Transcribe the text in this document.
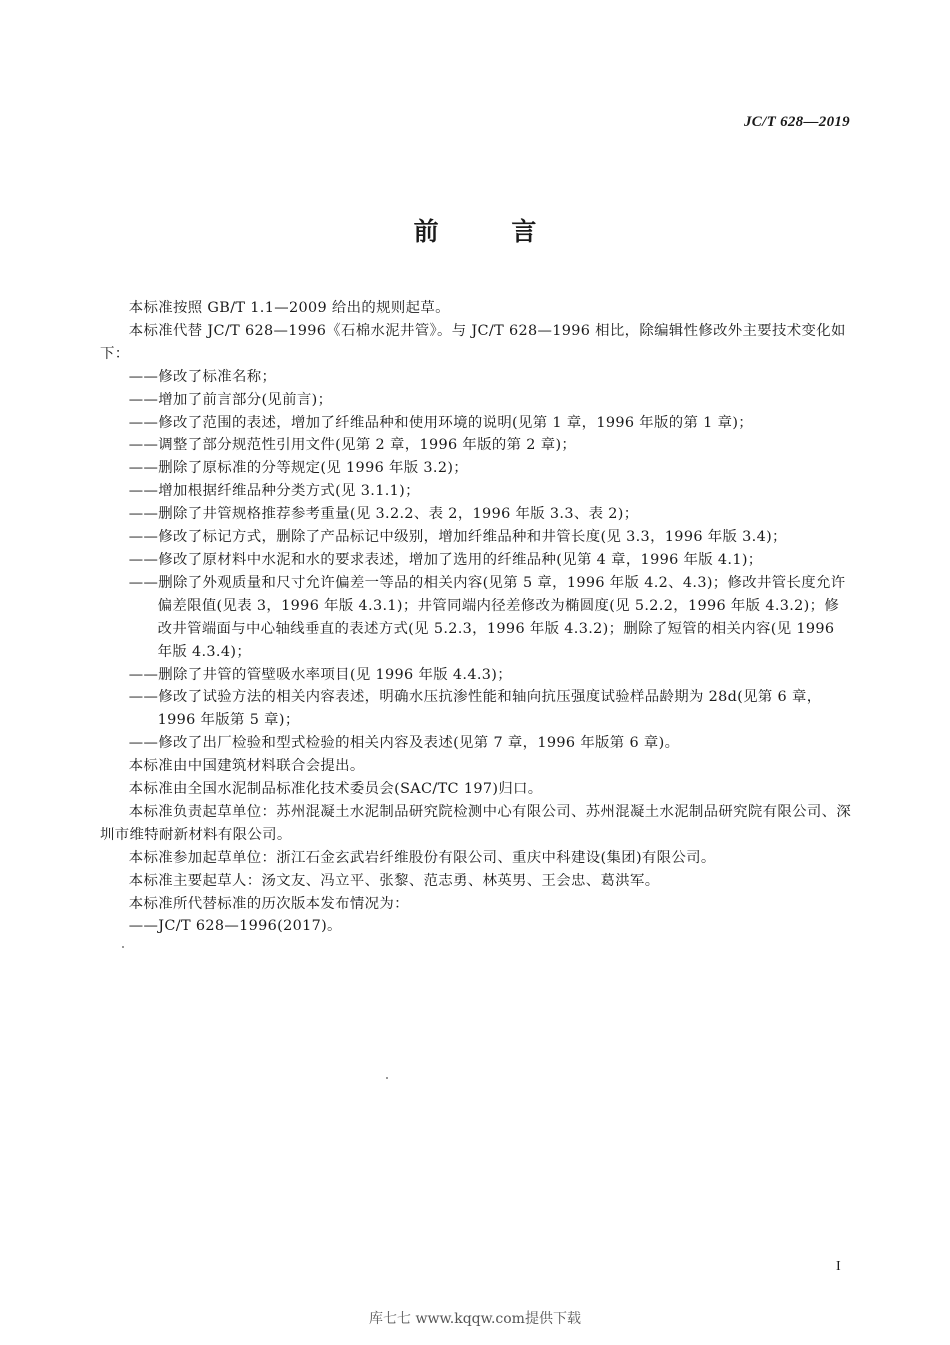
JC/T 628—2019
前 言
本标准按照 GB/T 1.1—2009 给出的规则起草。
本标准代替 JC/T 628—1996《石棉水泥井管》。与 JC/T 628—1996 相比，除编辑性修改外主要技术变化如下：
——修改了标准名称；
——增加了前言部分(见前言)；
——修改了范围的表述，增加了纤维品种和使用环境的说明(见第 1 章，1996 年版的第 1 章)；
——调整了部分规范性引用文件(见第 2 章，1996 年版的第 2 章)；
——删除了原标准的分等规定(见 1996 年版 3.2)；
——增加根据纤维品种分类方式(见 3.1.1)；
——删除了井管规格推荐参考重量(见 3.2.2、表 2，1996 年版 3.3、表 2)；
——修改了标记方式，删除了产品标记中级别，增加纤维品种和井管长度(见 3.3，1996 年版 3.4)；
——修改了原材料中水泥和水的要求表述，增加了选用的纤维品种(见第 4 章，1996 年版 4.1)；
——删除了外观质量和尺寸允许偏差一等品的相关内容(见第 5 章，1996 年版 4.2、4.3)；修改井管长度允许偏差限值(见表 3，1996 年版 4.3.1)；井管同端内径差修改为椭圆度(见 5.2.2，1996 年版 4.3.2)；修改井管端面与中心轴线垂直的表述方式(见 5.2.3，1996 年版 4.3.2)；删除了短管的相关内容(见 1996 年版 4.3.4)；
——删除了井管的管壁吸水率项目(见 1996 年版 4.4.3)；
——修改了试验方法的相关内容表述，明确水压抗渗性能和轴向抗压强度试验样品龄期为 28d(见第 6 章，1996 年版第 5 章)；
——修改了出厂检验和型式检验的相关内容及表述(见第 7 章，1996 年版第 6 章)。
本标准由中国建筑材料联合会提出。
本标准由全国水泥制品标准化技术委员会(SAC/TC 197)归口。
本标准负责起草单位：苏州混凝土水泥制品研究院检测中心有限公司、苏州混凝土水泥制品研究院有限公司、深圳市维特耐新材料有限公司。
本标准参加起草单位：浙江石金玄武岩纤维股份有限公司、重庆中科建设(集团)有限公司。
本标准主要起草人：汤文友、冯立平、张黎、范志勇、林英男、王会忠、葛洪军。
本标准所代替标准的历次版本发布情况为：
——JC/T 628—1996(2017)。
I
库七七 www.kqqw.com提供下载
